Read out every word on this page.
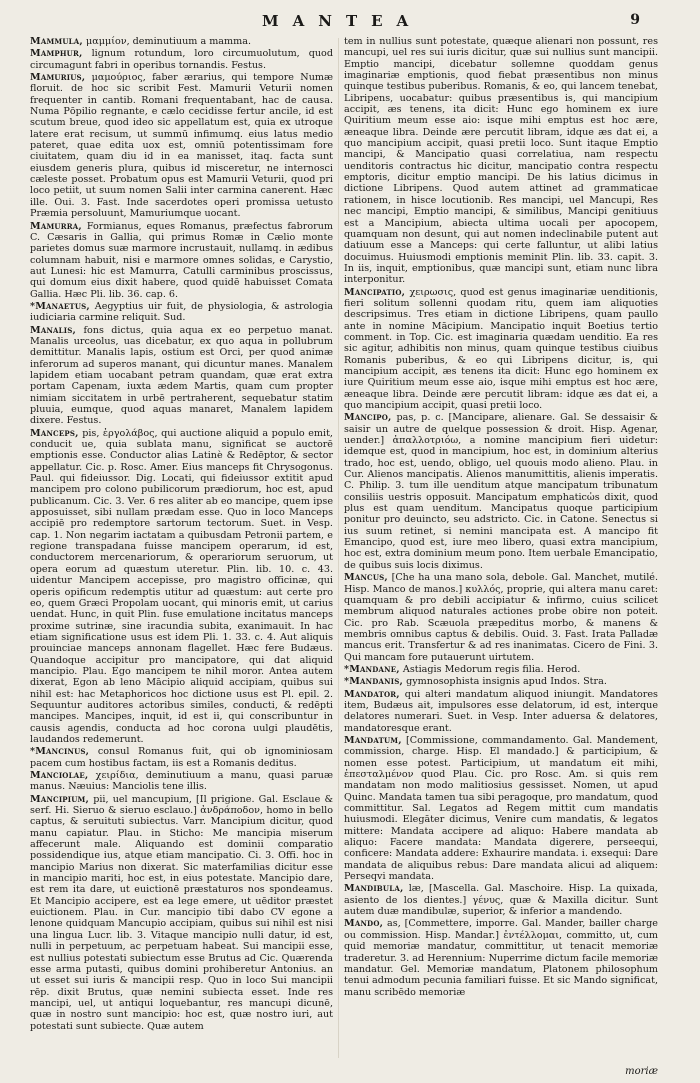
MANTEA	9

Mammula, μαμμίον, deminutiuum a mamma.

Mamphur, lignum rotundum, loro circumuolutum, quod circumagunt fabri in operibus tornandis. Festus.

Mamurius, μαμούριος, faber ærarius, qui tempore Numæ floruit. de hoc sic scribit Fest. Mamurii Veturii nomen frequenter in cantib. Romani frequentabant, hac de causa. Numa Pōpilio regnante, e cælo cecidisse fertur ancile, id est scutum breue, quod ideo sic appellatum est, quia ex utroque latere erat recisum, ut summū infimumq. eius latus medio pateret, quae edita uox est, omniū potentissimam fore ciuitatem, quam diu id in ea manisset, itaq. facta sunt eiusdem generis plura, quibus id misceretur, ne internosci cæleste posset. Probatum opus est Mamurii Veturii, quod pri loco petiit, ut suum nomen Salii inter carmina canerent. Hæc ille. Oui. 3. Fast. Inde sacerdotes operi promissa uetusto Præmia persoluunt, Mamuriumque uocant.

Mamurra, Formianus, eques Romanus, præfectus fabrorum C. Cæsaris in Gallia, qui primus Romæ in Cælio monte parietes domus suæ marmore incrustauit, nullamq. in ædibus columnam habuit, nisi e marmore omnes solidas, e Carystio, aut Lunesi: hic est Mamurra, Catulli carminibus proscissus, qui domum eius dixit habere, quod quidē habuisset Comata Gallia. Hæc Pli. lib. 36. cap. 6.

*Manaetus, Aegyptius uir fuit, de physiologia, & astrologia iudiciaria carmine reliquit. Sud.

Manalis, fons dictus, quia aqua ex eo perpetuo manat. Manalis urceolus, uas dicebatur, ex quo aqua in pollubrum demittitur. Manalis lapis, ostium est Orci, per quod animæ inferorum ad superos manant, qui dicuntur manes. Manalem lapidem etiam uocabant petram quandam, quæ erat extra portam Capenam, iuxta ædem Martis, quam cum propter nimiam siccitatem in urbē pertraherent, sequebatur statim pluuia, eumque, quod aquas manaret, Manalem lapidem dixere. Festus.

Manceps, pis, ἐργολάβος, qui auctione aliquid a populo emit, conducit ue, quia sublata manu, significat se auctorē emptionis esse. Conductor alias Latinè & Redēptor, & sector appellatur. Cic. p. Rosc. Amer. Eius manceps fit Chrysogonus. Paul. qui fideiussor. Dig. Locati, qui fideiussor extitit apud mancipem pro colono pubilicorum prædiorum, hoc est, apud publicanum. Cic. 3. Ver. 6 res aliter ab eo mancipe, quem ipse apposuisset, sibi nullam prædam esse. Quo in loco Manceps accipiē pro redemptore sartorum tectorum. Suet. in Vesp. cap. 1. Non negarim iactatam a quibusdam Petronii partem, e regione transpadana fuisse mancipem operarum, id est, conductorem mercenariorum, & operariorum seruorum, ut opera eorum ad quæstum uteretur. Plin. lib. 10. c. 43. uidentur Mancipem accepisse, pro magistro officinæ, qui operis opificum redemptis utitur ad quæstum: aut certe pro eo, quem Græci Propolam uocant, qui minoris emit, ut carius uendat. Hunc, in quit Plin. fuse emulatione incitatus manceps proxime sutrinæ, sine iracundia subita, exanimauit. In hac etiam significatione usus est idem Pli. 1. 33. c. 4. Aut aliquis prouinciae manceps annonam flagellet. Hæc fere Budæus. Quandoque accipitur pro mancipatore, qui dat aliquid mancipio. Plau. Ego mancipem te nihil moror. Antea autem dixerat, Egon ab leno Mācipio aliquid accipiam, quibus sui nihil est: hac Metaphoricos hoc dictione usus est Pl. epil. 2. Sequuntur auditores actoribus similes, conducti, & redēpti mancipes. Mancipes, inquit, id est ii, qui conscribuntur in causis agendis, conducta ad hoc corona uulgi plaudētis, laudandos redemerunt.

*Mancinus, consul Romanus fuit, qui ob ignominiosam pacem cum hostibus factam, iis est a Romanis deditus.

Manciolae, χειρίδια, deminutiuum a manu, quasi paruæ manus. Næuius: Manciolis tene illis.

Mancipium, pii, uel mancupium, [Il prigione. Gal. Esclaue & serf. Hi. Sieruo & sieruo esclauo.] ἀνδράποδον, homo in bello captus, & seruituti subiectus. Varr. Mancipium dicitur, quod manu capiatur. Plau. in Sticho: Me mancipia miserum affecerunt male. Aliquando est dominii comparatio possidendique ius, atque etiam mancipatio. Ci. 3. Offi. hoc in mancipio Marius non dixerat. Sic materfamilias dicitur esse in mancipio mariti, hoc est, in eius potestate. Mancipio dare, est rem ita dare, ut euictionē præstaturos nos spondeamus. Et Mancipio accipere, est ea lege emere, ut uēditor præstet euictionem. Plau. in Cur. mancipio tibi dabo CV egone a lenone quidquam Mancupio accipiam, quibus sui nihil est nisi una lingua Lucr. lib. 3. Vitaque mancipio nulli datur, id est, nulli in perpetuum, ac perpetuam habeat. Sui mancipii esse, est nullius potestati subiectum esse Brutus ad Cic. Quærenda esse arma putasti, quibus domini prohiberetur Antonius. an ut esset sui iuris & mancipii resp. Quo in loco Sui mancipii rēp. dixit Brutus, quæ nemini subiecta esset. Inde res mancipi, uel, ut antiqui loquebantur, res mancupi dicunē, quæ in nostro sunt mancipio: hoc est, quæ nostro iuri, aut potestati sunt subiecte. Quæ autem

tem in nullius sunt potestate, quæque alienari non possunt, res mancupi, uel res sui iuris dicitur, quæ sui nullius sunt mancipii. Emptio mancipi, dicebatur sollemne quoddam genus imaginariæ emptionis, quod fiebat præsentibus non minus quinque testibus puberibus. Romanis, & eo, qui lancem tenebat, Libripens, uocabatur: quibus præsentibus is, qui mancipium accipit, æs tenens, ita dicit: Hunc ego hominem ex iure Quiritium meum esse aio: isque mihi emptus est hoc ære, æneaque libra. Deinde ære percutit libram, idque æs dat ei, a quo mancipium accipit, quasi pretii loco. Sunt itaque Emptio mancipi, & Mancipatio quasi correlatiua, nam respectu uenditoris contractus hic dicitur, mancipatio contra respectu emptoris, dicitur emptio mancipi. De his latius dicimus in dictione Libripens. Quod autem attinet ad grammaticae rationem, in hisce locutionib. Res mancipi, uel Mancupi, Res nec mancipi, Emptio mancipi, & similibus, Mancipi genitiuus est a Mancipium, abiecta ultima uocali per apocopem, quamquam non desunt, qui aut nomen indeclinabile putent aut datiuum esse a Manceps: qui certe falluntur, ut alibi latius docuimus. Huiusmodi emptionis meminit Plin. lib. 33. capit. 3. In iis, inquit, emptionibus, quæ mancipi sunt, etiam nunc libra interponitur.

Mancipatio, χειρωσις, quod est genus imaginariæ uenditionis, fieri solitum sollenni quodam ritu, quem iam aliquoties descripsimus. Tres etiam in dictione Libripens, quam paullo ante in nomine Mācipium. Mancipatio inquit Boetius tertio comment. in Top. Cic. est imaginaria quædam uenditio. Ea res sic agitur, adhibitis non minus, quam quinque testibus ciuibus Romanis puberibus, & eo qui Libripens dicitur, is, qui mancipium accipit, æs tenens ita dicit: Hunc ego hominem ex iure Quiritium meum esse aio, isque mihi emptus est hoc ære, æneaque libra. Deinde ære percutit libram: idque æs dat ei, a quo mancipium accipit, quasi pretii loco.

Mancipo, pas, p. c. [Mancipare, alienare. Gal. Se dessaisir & saisir un autre de quelque possession & droit. Hisp. Agenar, uender.] ἀπαλλοτριόω, a nomine mancipium fieri uidetur: idemque est, quod in mancipium, hoc est, in dominium alterius trado, hoc est, uendo, obligo, uel quouis modo alieno. Plau. in Cur. Alienos mancipatis. Alienos manumittitis, alienis imperatis. C. Philip. 3. tum ille uenditum atque mancipatum tribunatum consiliis uestris opposuit. Mancipatum emphaticὠs dixit, quod plus est quam uenditum. Mancipatus quoque participium ponitur pro deuincto, seu adstricto. Cic. in Catone. Senectus si ius suum retinet, si nemini mancipata est. A mancipo fit Emancipo, quod est, iure meo libero, quasi extra mancipium, hoc est, extra dominium meum pono. Item uerbale Emancipatio, de quibus suis locis diximus.

Mancus, [Che ha una mano sola, debole. Gal. Manchet, mutilé. Hisp. Manco de manos.] κυλλός, proprie, qui altera manu caret: quamquam & pro debili accipiatur & infirmo, cuius scilicet membrum aliquod naturales actiones probe obire non poteit. Cic. pro Rab. Scæuola præpeditus morbo, & manens & membris omnibus captus & debilis. Ouid. 3. Fast. Irata Palladæ mancus erit. Transfertur & ad res inanimatas. Cicero de Fini. 3. Qui mancam fore putauerunt uirtutem.

*Mandane, Astiagis Medorum regis filia. Herod.

*Mandanis, gymnosophista insignis apud Indos. Stra.

Mandator, qui alteri mandatum aliquod iniungit. Mandatores item, Budæus ait, impulsores esse delatorum, id est, interque delatores numerari. Suet. in Vesp. Inter aduersa & delatores, mandatoresque erant.

Mandatum, [Commissione, commandamento. Gal. Mandement, commission, charge. Hisp. El mandado.] & participium, & nomen esse potest. Participium, ut mandatum eit mihi, ἐπεσταλμένον quod Plau. Cic. pro Rosc. Am. si quis rem mandatam non modo malitiosius gessisset. Nomen, ut apud Quinc. Mandata tamen tua sibi peragoque, pro mandatum, quod committitur. Sal. Legatos ad Regem mittit cum mandatis huiusmodi. Elegāter dicimus, Venire cum mandatis, & legatos mittere: Mandata accipere ad aliquo: Habere mandata ab aliquo: Facere mandata: Mandata digerere, perseequi, conficere: Mandata addere: Exhaurire mandata. i. exsequi: Dare mandata de aliquibus rebus: Dare mandata alicui ad aliquem: Perseqvi mandata.

Mandibula, læ, [Mascella. Gal. Maschoire. Hisp. La quixada, asiento de los dientes.] γένυς, quæ & Maxilla dicitur. Sunt autem duæ mandibulæ, superior, & inferior a mandendo.

Mando, as, [Commettere, imporre. Gal. Mander, bailler charge ou commission. Hisp. Mandar.] ἐντέλλομαι, committo, ut, cum quid memoriæ mandatur, committitur, ut tenacit memoriæ traderetur. 3. ad Herennium: Nuperrime dictum facile memoriæ mandatur. Gel. Memoriæ mandatum, Platonem philosophum tenui admodum pecunia familiari fuisse. Et sic Mando significat, manu scribēdo memoriæ

moriæ
